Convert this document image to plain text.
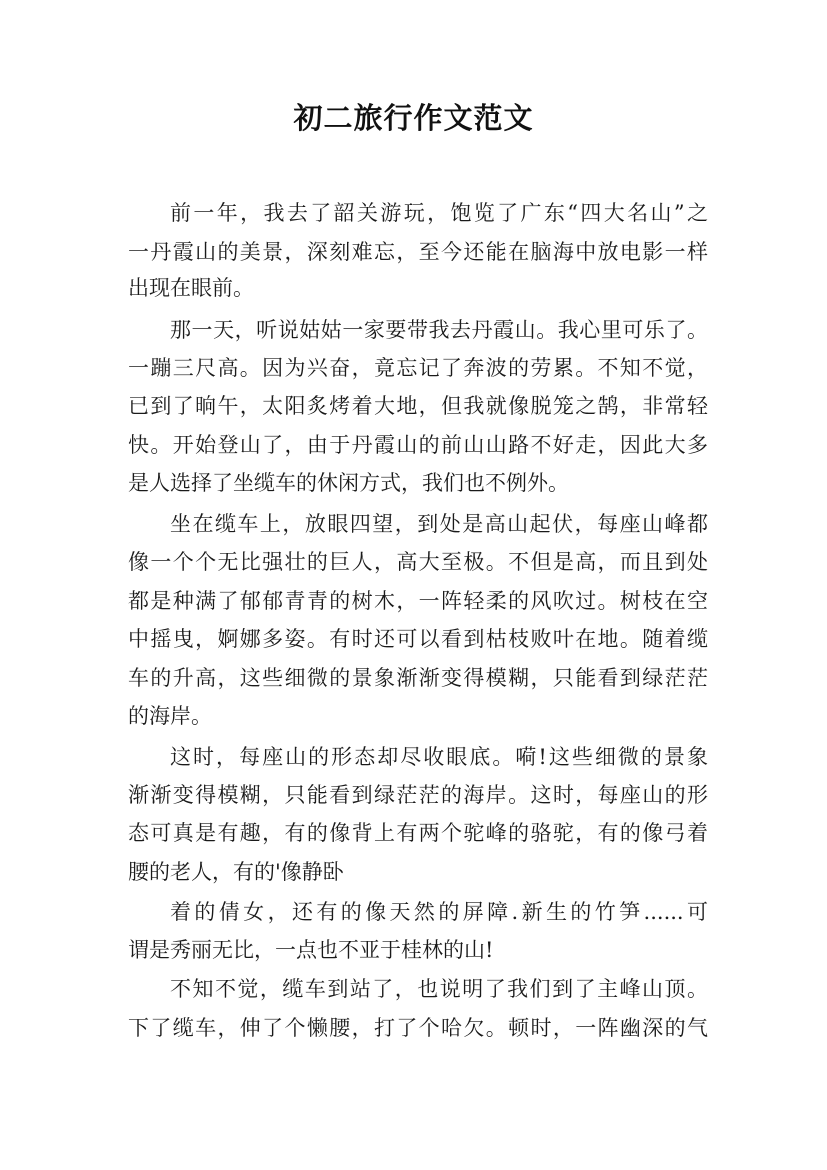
初二旅行作文范文
前一年，我去了韶关游玩，饱览了广东“四大名山”之
一丹霞山的美景，深刻难忘，至今还能在脑海中放电影一样
出现在眼前。
那一天，听说姑姑一家要带我去丹霞山。我心里可乐了。
一蹦三尺高。因为兴奋，竟忘记了奔波的劳累。不知不觉，
已到了晌午，太阳炙烤着大地，但我就像脱笼之鹄，非常轻
快。开始登山了，由于丹霞山的前山山路不好走，因此大多
是人选择了坐缆车的休闲方式，我们也不例外。
坐在缆车上，放眼四望，到处是高山起伏，每座山峰都
像一个个无比强壮的巨人，高大至极。不但是高，而且到处
都是种满了郁郁青青的树木，一阵轻柔的风吹过。树枝在空
中摇曳，婀娜多姿。有时还可以看到枯枝败叶在地。随着缆
车的升高，这些细微的景象渐渐变得模糊，只能看到绿茫茫
的海岸。
这时，每座山的形态却尽收眼底。嗬!这些细微的景象
渐渐变得模糊，只能看到绿茫茫的海岸。这时，每座山的形
态可真是有趣，有的像背上有两个驼峰的骆驼，有的像弓着
腰的老人，有的'像静卧
着的倩女，还有的像天然的屏障.新生的竹笋......可
谓是秀丽无比，一点也不亚于桂林的山!
不知不觉，缆车到站了，也说明了我们到了主峰山顶。
下了缆车，伸了个懒腰，打了个哈欠。顿时，一阵幽深的气
